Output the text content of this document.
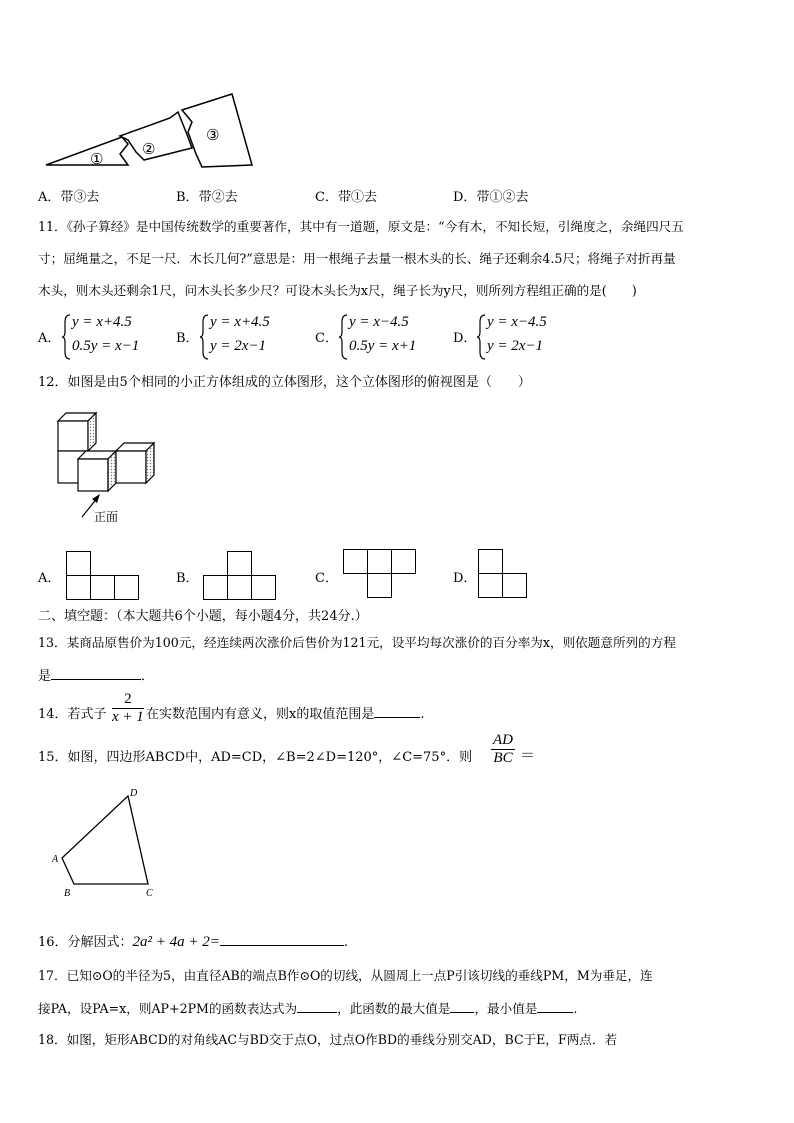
①
②
③
A．带③去	B．带②去	C．带①去	D．带①②去
11．《孙子算经》是中国传统数学的重要著作，其中有一道题，原文是：“今有木，不知长短，引绳度之，余绳四尺五
寸；屈绳量之，不足一尺．木长几何?”意思是：用一根绳子去量一根木头的长、绳子还剩余4.5尺；将绳子对折再量
木头，则木头还剩余1尺，问木头长多少尺？可设木头长为x尺，绳子长为y尺，则所列方程组正确的是(　　)
A．
y = x+4.5
0.5y = x−1	B．
y = x+4.5
y = 2x−1	C．
y = x−4.5
0.5y = x+1	D．
y = x−4.5
y = 2x−1
12．如图是由5个相同的小正方体组成的立体图形，这个立体图形的俯视图是（　　）
正面
A．	B．	C．	D．
二、填空题：（本大题共6个小题，每小题4分，共24分.）
13．某商品原售价为100元，经连续两次涨价后售价为121元，设平均每次涨价的百分率为x，则依题意所列的方程
是	．
14．若式子 $\frac{2}{x + 1}$ 在实数范围内有意义，则x的取值范围是	.
15．如图，四边形ABCD中，AD=CD，∠B=2∠D=120°，∠C=75°．则 $\frac{AD}{BC}$ ＝
A
B	C
D
16．分解因式：2a² + 4a + 2=	.
17．已知⊙O的半径为5，由直径AB的端点B作⊙O的切线，从圆周上一点P引该切线的垂线PM，M为垂足，连
接PA，设PA=x，则AP+2PM的函数表达式为	，此函数的最大值是 ，最小值是	.
18．如图，矩形ABCD的对角线AC与BD交于点O，过点O作BD的垂线分别交AD，BC于E，F两点．若
